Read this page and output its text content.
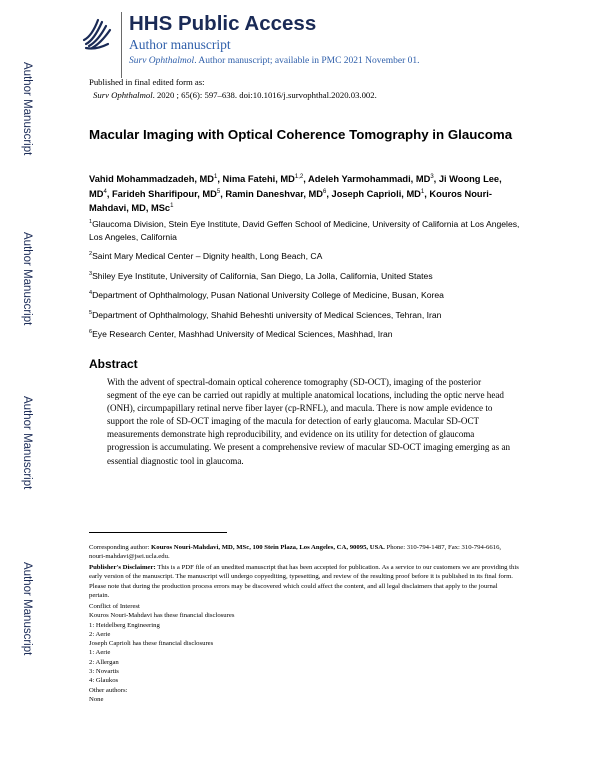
HHS Public Access
Author manuscript
Surv Ophthalmol. Author manuscript; available in PMC 2021 November 01.
Published in final edited form as:
Surv Ophthalmol. 2020 ; 65(6): 597–638. doi:10.1016/j.survophthal.2020.03.002.
Author Manuscript
Author Manuscript
Author Manuscript
Author Manuscript
Macular Imaging with Optical Coherence Tomography in Glaucoma
Vahid Mohammadzadeh, $MD^1$, Nima Fatehi, MD$^{1,2}$, Adeleh Yarmohammadi, $MD^3$, Ji Woong Lee, $MD^4$, Farideh Sharifipour, $MD^5$, Ramin Daneshvar, $MD^6$, Joseph Caprioli, $MD^1$, Kouros Nouri-Mahdavi, MD, MSc$^1$
$^1$Glaucoma Division, Stein Eye Institute, David Geffen School of Medicine, University of California at Los Angeles, Los Angeles, California
$^2$Saint Mary Medical Center – Dignity health, Long Beach, CA
$^3$Shiley Eye Institute, University of California, San Diego, La Jolla, California, United States
$^4$Department of Ophthalmology, Pusan National University College of Medicine, Busan, Korea
$^5$Department of Ophthalmology, Shahid Beheshti university of Medical Sciences, Tehran, Iran
$^6$Eye Research Center, Mashhad University of Medical Sciences, Mashhad, Iran
Abstract
With the advent of spectral-domain optical coherence tomography (SD-OCT), imaging of the posterior segment of the eye can be carried out rapidly at multiple anatomical locations, including the optic nerve head (ONH), circumpapillary retinal nerve fiber layer (cp-RNFL), and macula. There is now ample evidence to support the role of SD-OCT imaging of the macula for detection of early glaucoma. Macular SD-OCT measurements demonstrate high reproducibility, and evidence on its utility for detection of glaucoma progression is accumulating. We present a comprehensive review of macular SD-OCT imaging emerging as an essential diagnostic tool in glaucoma.
Corresponding author: Kouros Nouri-Mahdavi, MD, MSc, 100 Stein Plaza, Los Angeles, CA, 90095, USA. Phone: 310-794-1487, Fax: 310-794-6616, nouri-mahdavi@jsei.ucla.edu.
Publisher's Disclaimer: This is a PDF file of an unedited manuscript that has been accepted for publication. As a service to our customers we are providing this early version of the manuscript. The manuscript will undergo copyediting, typesetting, and review of the resulting proof before it is published in its final form. Please note that during the production process errors may be discovered which could affect the content, and all legal disclaimers that apply to the journal pertain.
Conflict of Interest
Kouros Nouri-Mahdavi has these financial disclosures
1: Heidelberg Engineering
2: Aerie
Joseph Caprioli has these financial disclosures
1: Aerie
2: Allergan
3: Novartis
4: Glaukos
Other authors:
None
